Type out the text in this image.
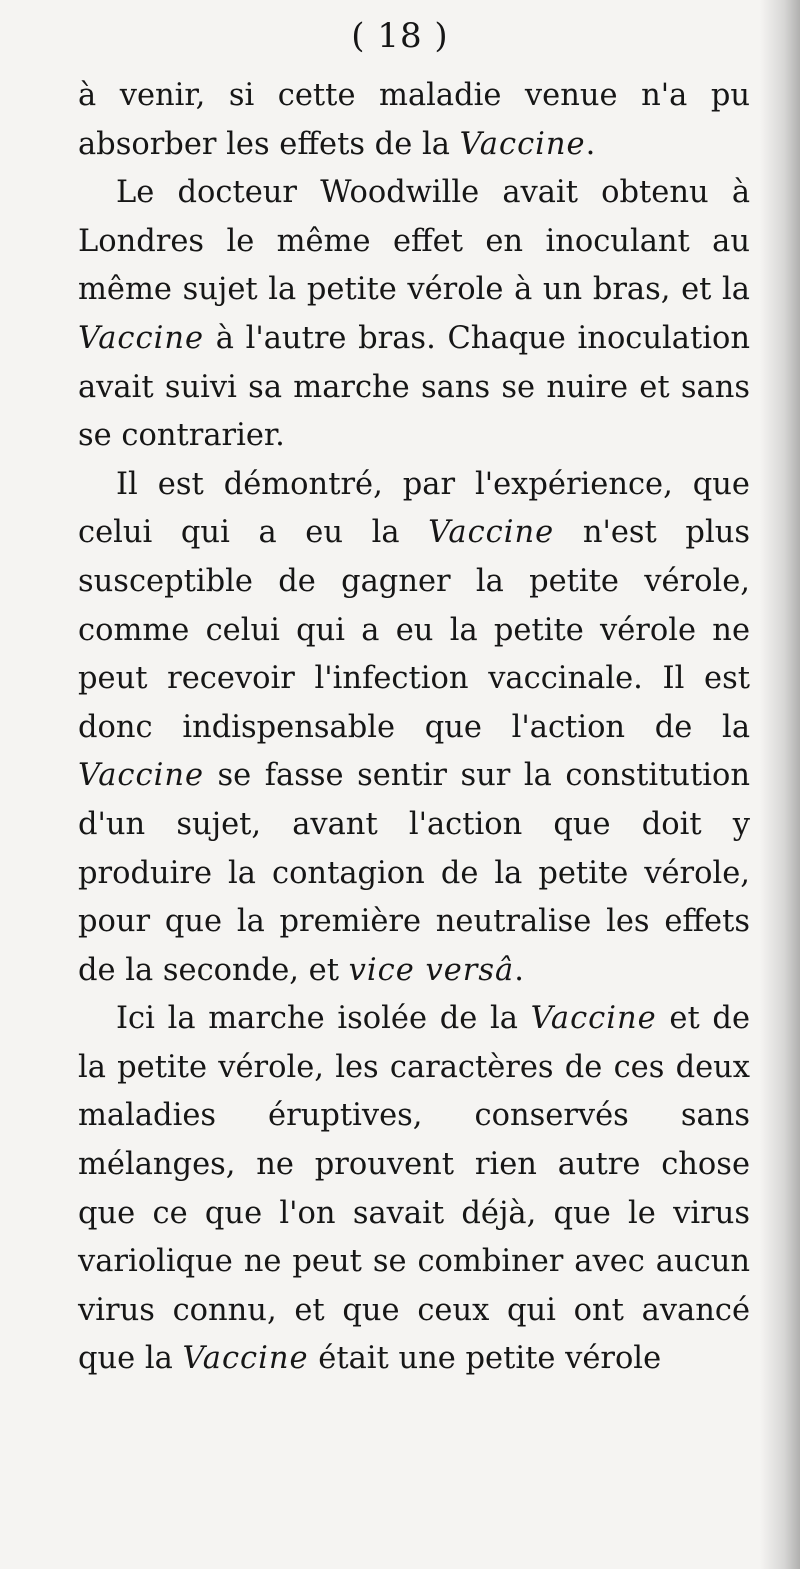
( 18 )

à venir, si cette maladie venue n'a pu absorber les effets de la Vaccine.

Le docteur Woodwille avait obtenu à Londres le même effet en inoculant au même sujet la petite vérole à un bras, et la Vaccine à l'autre bras. Chaque inoculation avait suivi sa marche sans se nuire et sans se contrarier.

Il est démontré, par l'expérience, que celui qui a eu la Vaccine n'est plus susceptible de gagner la petite vérole, comme celui qui a eu la petite vérole ne peut recevoir l'infection vaccinale. Il est donc indispensable que l'action de la Vaccine se fasse sentir sur la constitution d'un sujet, avant l'action que doit y produire la contagion de la petite vérole, pour que la première neutralise les effets de la seconde, et vice versâ.

Ici la marche isolée de la Vaccine et de la petite vérole, les caractères de ces deux maladies éruptives, conservés sans mélanges, ne prouvent rien autre chose que ce que l'on savait déjà, que le virus variolique ne peut se combiner avec aucun virus connu, et que ceux qui ont avancé que la Vaccine était une petite vérole
